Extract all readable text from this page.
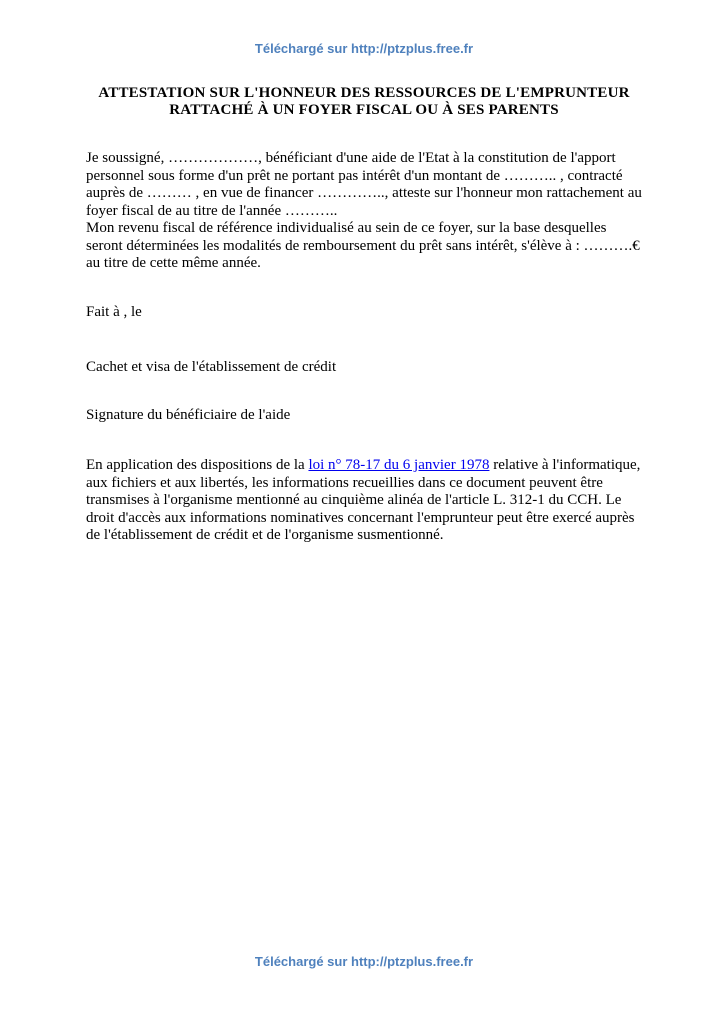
Téléchargé sur http://ptzplus.free.fr
ATTESTATION SUR L'HONNEUR DES RESSOURCES DE L'EMPRUNTEUR
RATTACHÉ À UN FOYER FISCAL OU À SES PARENTS

Je soussigné, ………………, bénéficiant d'une aide de l'Etat à la constitution de l'apport personnel sous forme d'un prêt ne portant pas intérêt d'un montant de ……….. , contracté auprès de ……… , en vue de financer ………….., atteste sur l'honneur mon rattachement au foyer fiscal de au titre de l'année ………..

Mon revenu fiscal de référence individualisé au sein de ce foyer, sur la base desquelles seront déterminées les modalités de remboursement du prêt sans intérêt, s'élève à : ……….€ au titre de cette même année.

Fait à , le
Cachet et visa de l'établissement de crédit
Signature du bénéficiaire de l'aide

En application des dispositions de la loi n° 78-17 du 6 janvier 1978 relative à l'informatique, aux fichiers et aux libertés, les informations recueillies dans ce document peuvent être transmises à l'organisme mentionné au cinquième alinéa de l'article L. 312-1 du CCH. Le droit d'accès aux informations nominatives concernant l'emprunteur peut être exercé auprès de l'établissement de crédit et de l'organisme susmentionné.

Téléchargé sur http://ptzplus.free.fr
